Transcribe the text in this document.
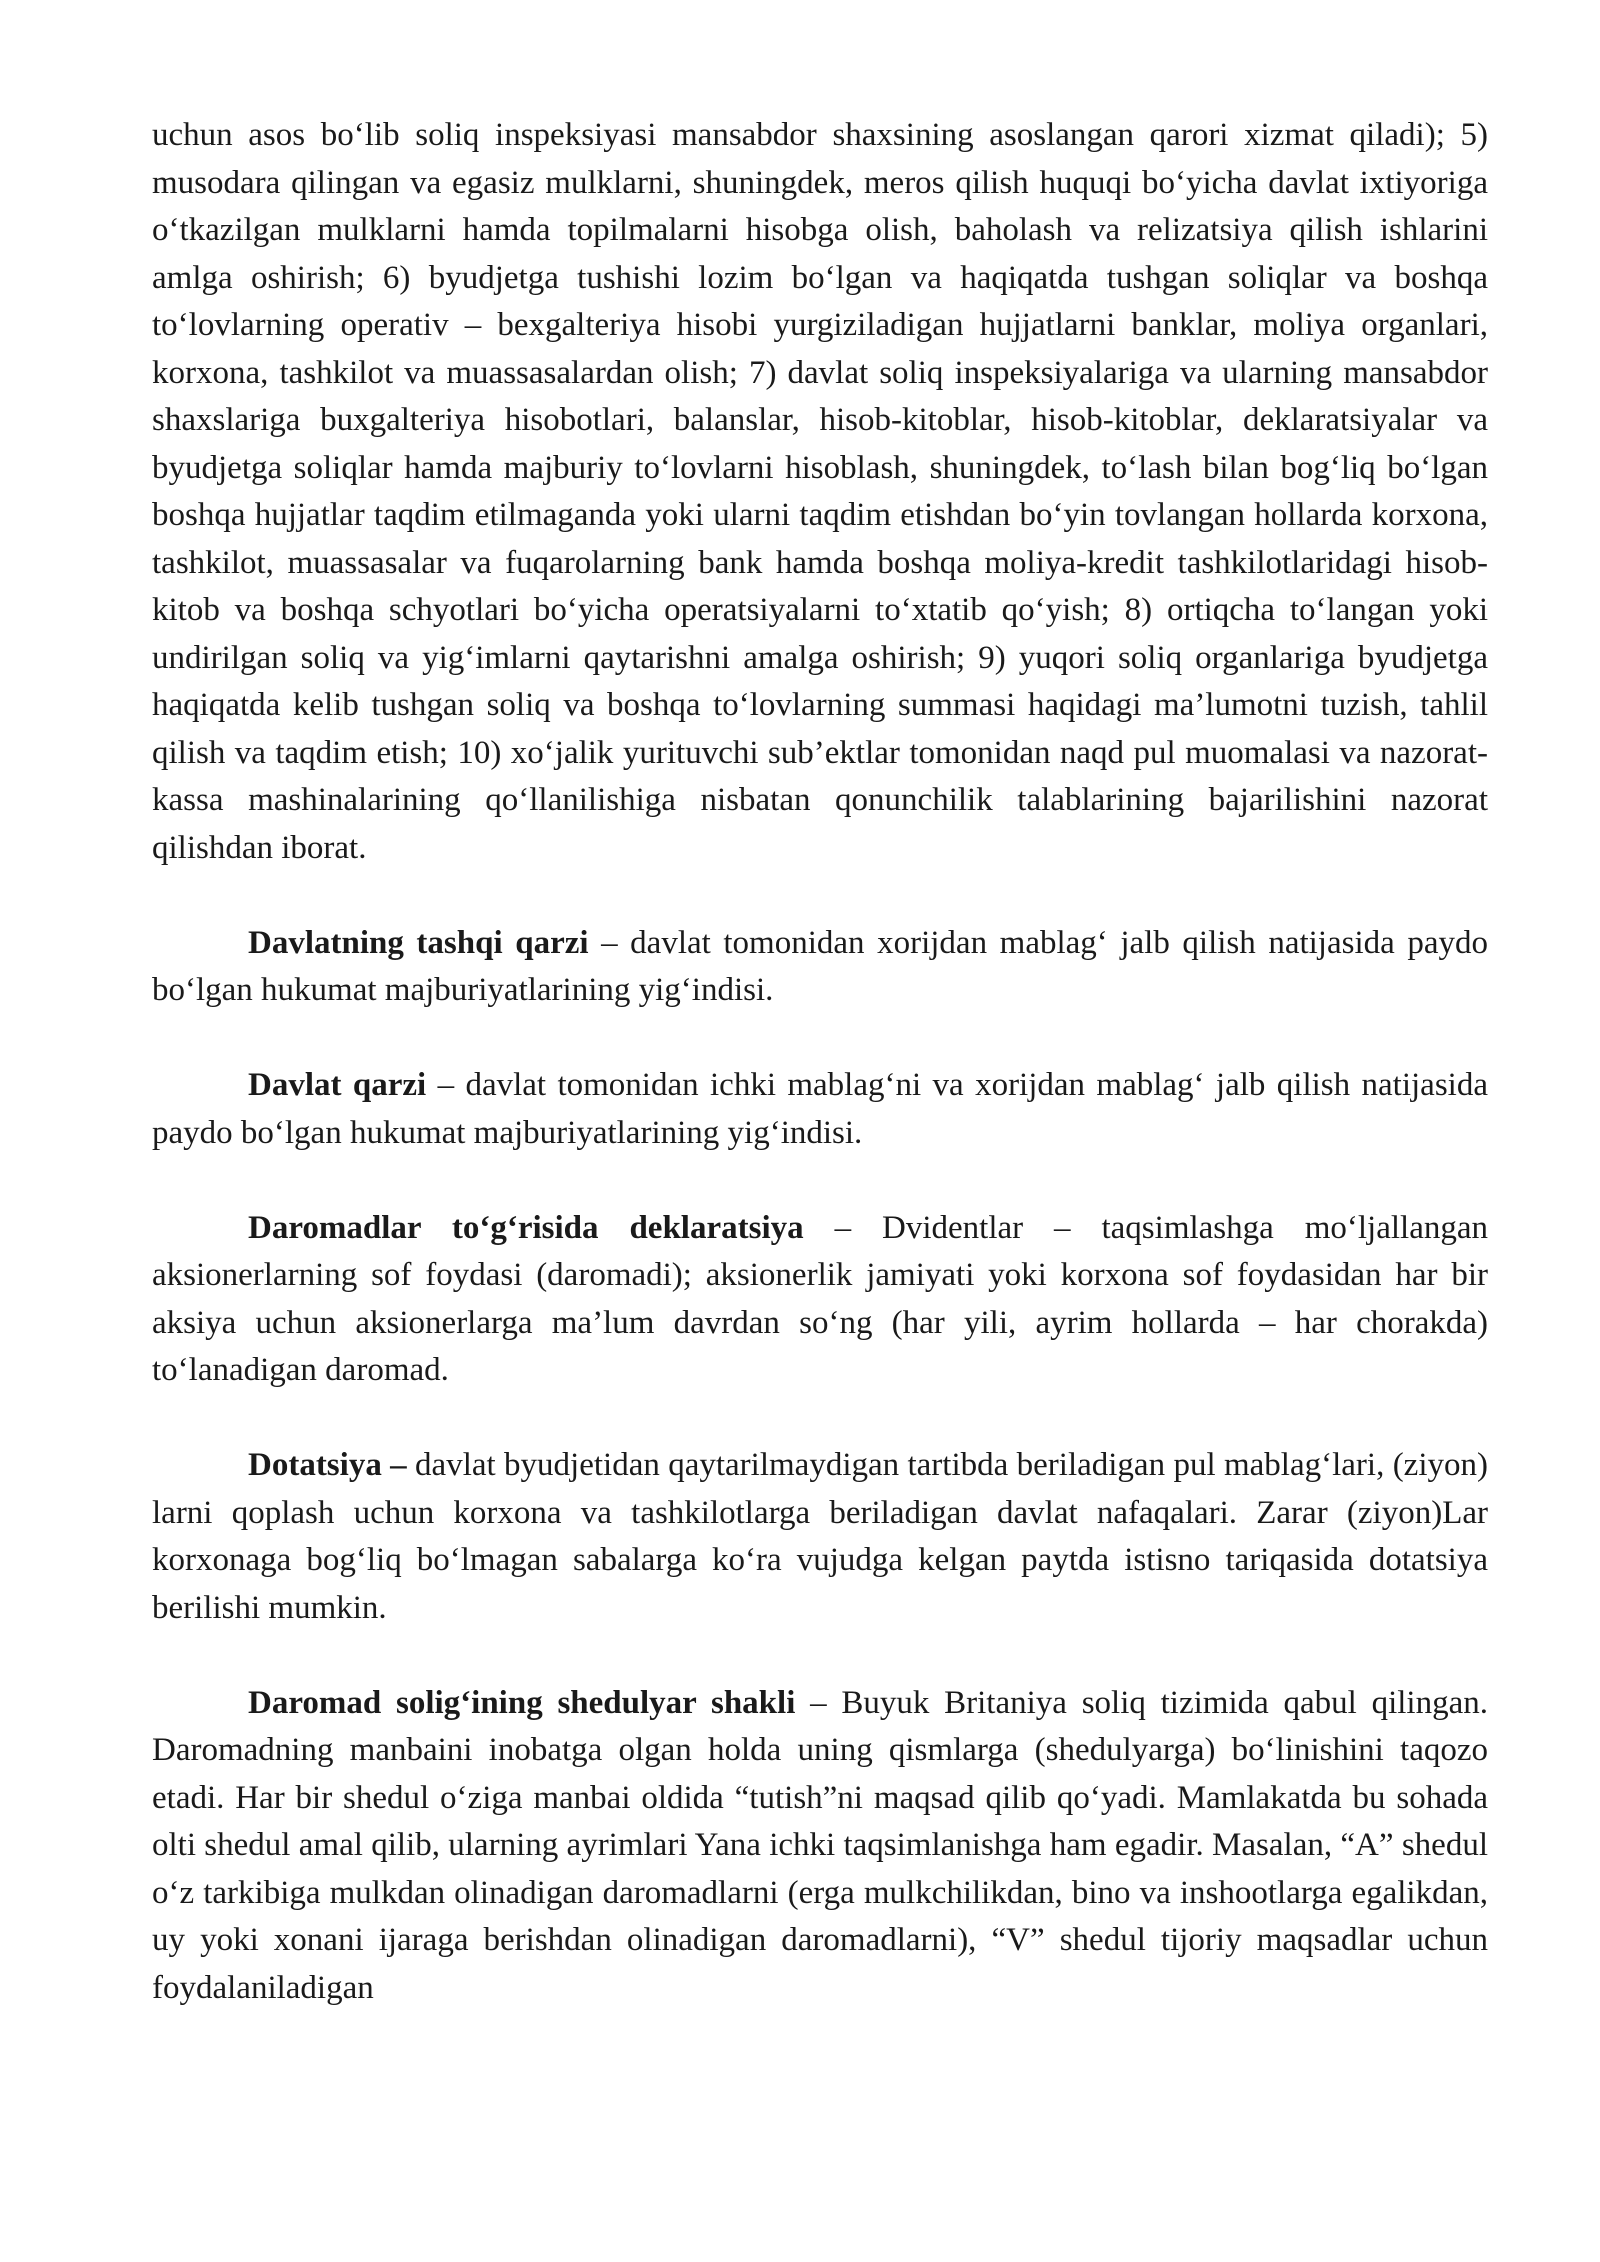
uchun asos bo‘lib soliq inspeksiyasi mansabdor shaxsining asoslangan qarori xizmat qiladi); 5) musodara qilingan va egasiz mulklarni, shuningdek, meros qilish huquqi bo‘yicha davlat ixtiyoriga o‘tkazilgan mulklarni hamda topilmalarni hisobga olish, baholash va relizatsiya qilish ishlarini amlga oshirish; 6) byudjetga tushishi lozim bo‘lgan va haqiqatda tushgan soliqlar va boshqa to‘lovlarning operativ – bexgalteriya hisobi yurgiziladigan hujjatlarni banklar, moliya organlari, korxona, tashkilot va muassasalardan olish; 7) davlat soliq inspeksiyalariga va ularning mansabdor shaxslariga buxgalteriya hisobotlari, balanslar, hisob-kitoblar, hisob-kitoblar, deklaratsiyalar va byudjetga soliqlar hamda majburiy to‘lovlarni hisoblash, shuningdek, to‘lash bilan bog‘liq bo‘lgan boshqa hujjatlar taqdim etilmaganda yoki ularni taqdim etishdan bo‘yin tovlangan hollarda korxona, tashkilot, muassasalar va fuqarolarning bank hamda boshqa moliya-kredit tashkilotlaridagi hisob-kitob va boshqa schyotlari bo‘yicha operatsiyalarni to‘xtatib qo‘yish; 8) ortiqcha to‘langan yoki undirilgan soliq va yig‘imlarni qaytarishni amalga oshirish; 9) yuqori soliq organlariga byudjetga haqiqatda kelib tushgan soliq va boshqa to‘lovlarning summasi haqidagi ma’lumotni tuzish, tahlil qilish va taqdim etish; 10) xo‘jalik yurituvchi sub’ektlar tomonidan naqd pul muomalasi va nazorat-kassa mashinalarining qo‘llanilishiga nisbatan qonunchilik talablarining bajarilishini nazorat qilishdan iborat.

Davlatning tashqi qarzi – davlat tomonidan xorijdan mablag‘ jalb qilish natijasida paydo bo‘lgan hukumat majburiyatlarining yig‘indisi.

Davlat qarzi – davlat tomonidan ichki mablag‘ni va xorijdan mablag‘ jalb qilish natijasida paydo bo‘lgan hukumat majburiyatlarining yig‘indisi.

Daromadlar to‘g‘risida deklaratsiya – Dvidentlar – taqsimlashga mo‘ljallangan aksionerlarning sof foydasi (daromadi); aksionerlik jamiyati yoki korxona sof foydasidan har bir aksiya uchun aksionerlarga ma’lum davrdan so‘ng (har yili, ayrim hollarda – har chorakda) to‘lanadigan daromad.

Dotatsiya – davlat byudjetidan qaytarilmaydigan tartibda beriladigan pul mablag‘lari, (ziyon) larni qoplash uchun korxona va tashkilotlarga beriladigan davlat nafaqalari. Zarar (ziyon)Lar korxonaga bog‘liq bo‘lmagan sabalarga ko‘ra vujudga kelgan paytda istisno tariqasida dotatsiya berilishi mumkin.

Daromad solig‘ining shedulyar shakli – Buyuk Britaniya soliq tizimida qabul qilingan. Daromadning manbaini inobatga olgan holda uning qismlarga (shedulyarga) bo‘linishini taqozo etadi. Har bir shedul o‘ziga manbai oldida “tutish”ni maqsad qilib qo‘yadi. Mamlakatda bu sohada olti shedul amal qilib, ularning ayrimlari Yana ichki taqsimlanishga ham egadir. Masalan, “A” shedul o‘z tarkibiga mulkdan olinadigan daromadlarni (erga mulkchilikdan, bino va inshootlarga egalikdan, uy yoki xonani ijaraga berishdan olinadigan daromadlarni), “V” shedul tijoriy maqsadlar uchun foydalaniladigan
